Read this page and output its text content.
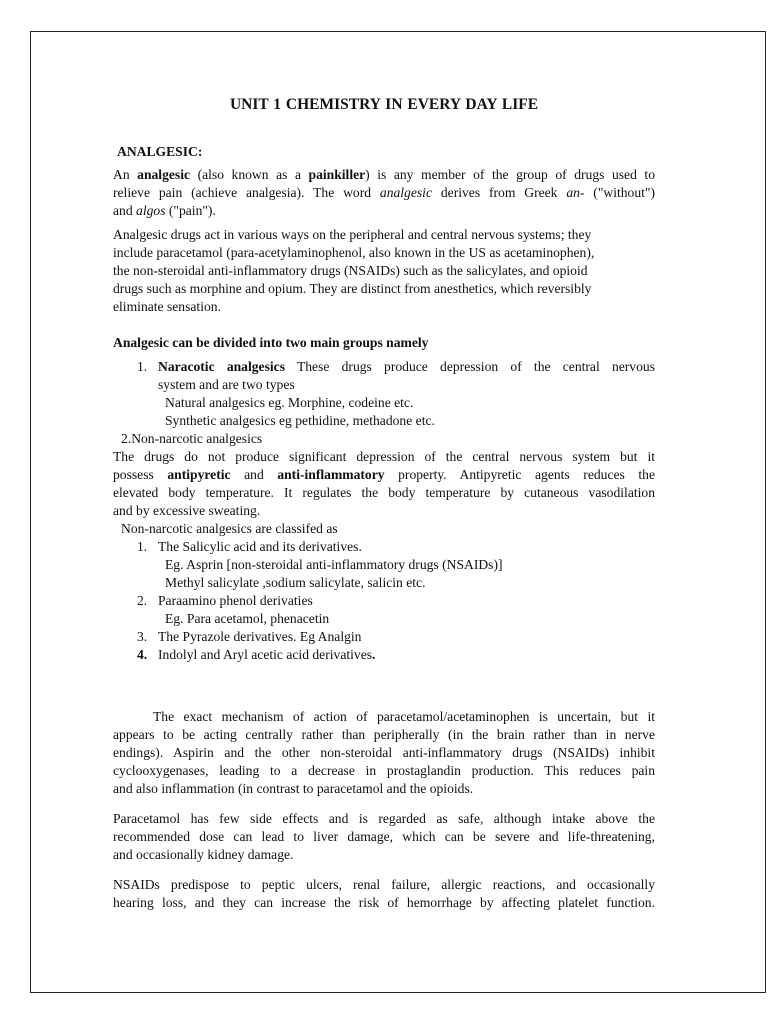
UNIT 1 CHEMISTRY IN EVERY DAY LIFE
ANALGESIC:
An analgesic (also known as a painkiller) is any member of the group of drugs used to
relieve pain (achieve analgesia). The word analgesic derives from Greek an- ("without")
and algos ("pain").
Analgesic drugs act in various ways on the peripheral and central nervous systems; they
include paracetamol (para-acetylaminophenol, also known in the US as acetaminophen),
the non-steroidal anti-inflammatory drugs (NSAIDs) such as the salicylates, and opioid
drugs such as morphine and opium. They are distinct from anesthetics, which reversibly
eliminate sensation.
Analgesic can be divided into two main groups namely
1. Naracotic analgesics These drugs produce depression of the central nervous
system and are two types
Natural analgesics eg. Morphine, codeine etc.
Synthetic analgesics eg pethidine, methadone etc.
2.Non-narcotic analgesics
The drugs do not produce significant depression of the central nervous system but it
possess antipyretic and anti-inflammatory property. Antipyretic agents reduces the
elevated body temperature. It regulates the body temperature by cutaneous vasodilation
and by excessive sweating.
Non-narcotic analgesics are classifed as
1. The Salicylic acid and its derivatives.
Eg. Asprin [non-steroidal anti-inflammatory drugs (NSAIDs)]
Methyl salicylate ,sodium salicylate, salicin etc.
2. Paraamino phenol derivaties
Eg. Para acetamol, phenacetin
3. The Pyrazole derivatives. Eg Analgin
4. Indolyl and Aryl acetic acid derivatives.
The exact mechanism of action of paracetamol/acetaminophen is uncertain, but it
appears to be acting centrally rather than peripherally (in the brain rather than in nerve
endings). Aspirin and the other non-steroidal anti-inflammatory drugs (NSAIDs) inhibit
cyclooxygenases, leading to a decrease in prostaglandin production. This reduces pain
and also inflammation (in contrast to paracetamol and the opioids.
Paracetamol has few side effects and is regarded as safe, although intake above the
recommended dose can lead to liver damage, which can be severe and life-threatening,
and occasionally kidney damage.
NSAIDs predispose to peptic ulcers, renal failure, allergic reactions, and occasionally
hearing loss, and they can increase the risk of hemorrhage by affecting platelet function.
